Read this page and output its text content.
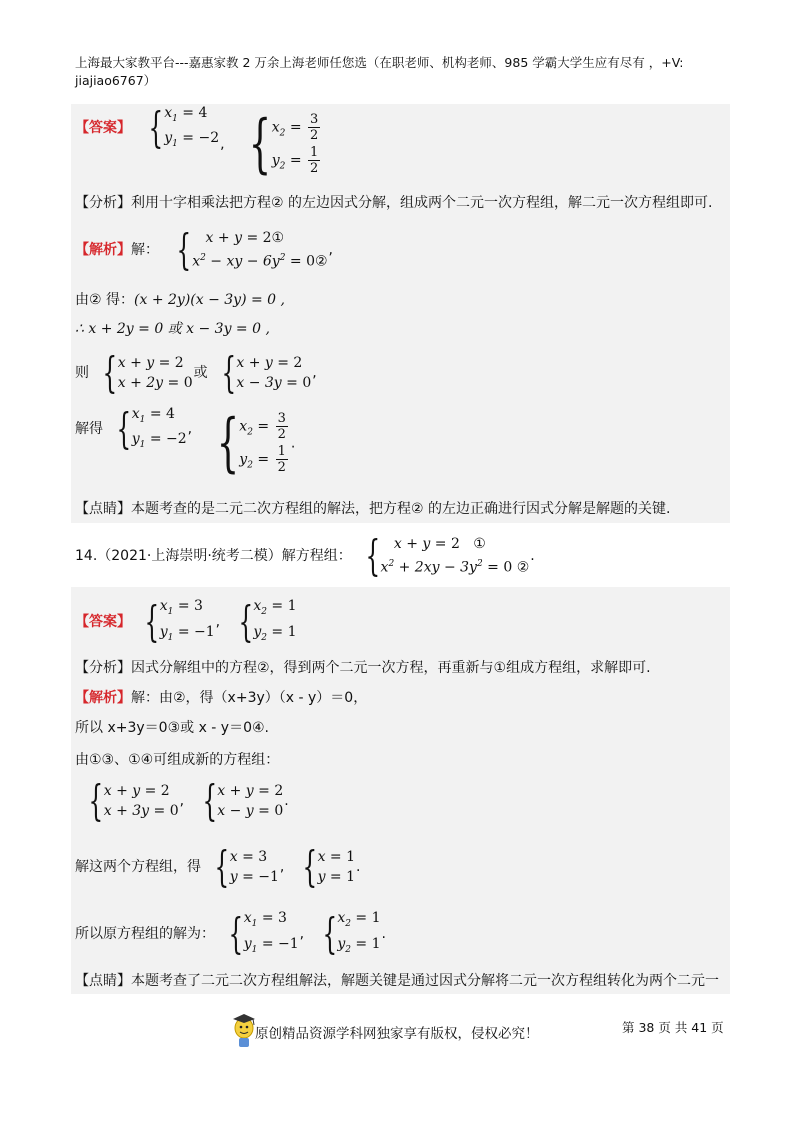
上海最大家教平台---嘉惠家教 2 万余上海老师任您选（在职老师、机构老师、985 学霸大学生应有尽有 ，+V:
jiajiao6767）
【答案】 {	$x_1 = 4$
$y_1 = -2$ , {	$x_2 = \frac{3}{2}$
$y_2 = \frac{1}{2}$
【分析】利用十字相乘法把方程② 的左边因式分解，组成两个二元一次方程组，解二元一次方程组即可.
【解析】解： {	x + y = 2①
$x^2$ − xy − $6y^2$ = 0②
,
由② 得：(x + 2y)(x − 3y) = 0 ,
∴ x + 2y = 0 或 x − 3y = 0 ,
则 {	x + y = 2
x + 2y = 0
或 {	x + y = 2
x − 3y = 0
,
解得 {	$x_1 = 4$
$y_1 = -2$
, {	$x_2 = \frac{3}{2}$
$y_2 = \frac{1}{2}$
.
【点睛】本题考查的是二元二次方程组的解法，把方程② 的左边正确进行因式分解是解题的关键.
14.（2021·上海崇明·统考二模）解方程组： {	x + y = 2   ①
$x^2 + 2xy - 3y^2 = 0$ ②
.
【答案】 {	$x_1 = 3$
$y_1 = -1$
, {	$x_2 = 1$
$y_2 = 1$
【分析】因式分解组中的方程②，得到两个二元一次方程，再重新与①组成方程组，求解即可.
【解析】解：由②，得（x+3y）（x - y）＝0，
所以 x+3y＝0③或 x - y＝0④.
由①③、①④可组成新的方程组：
{	x + y = 2
x + 3y = 0
, {	x + y = 2
x − y = 0
.
解这两个方程组，得 {	x = 3
y = −1
, {	x = 1
y = 1
.
所以原方程组的解为： {	$x_1 = 3$
$y_1 = -1$
, {	$x_2 = 1$
$y_2 = 1$
.
【点睛】本题考查了二元二次方程组解法，解题关键是通过因式分解将二元一次方程组转化为两个二元一
原创精品资源学科网独家享有版权，侵权必究！	第 38 页 共 41 页
